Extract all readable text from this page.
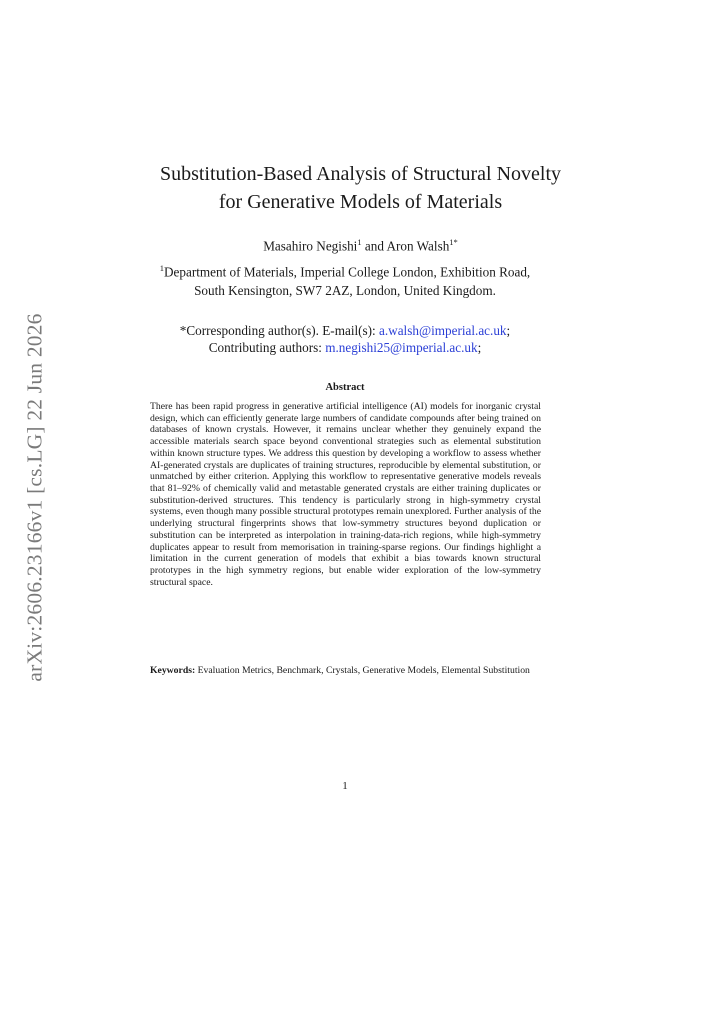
arXiv:2606.23166v1 [cs.LG] 22 Jun 2026
Substitution-Based Analysis of Structural Novelty
for Generative Models of Materials
Masahiro Negishi$^1$ and Aron Walsh$^{1*}$
$^1$Department of Materials, Imperial College London, Exhibition Road,
South Kensington, SW7 2AZ, London, United Kingdom.
*Corresponding author(s). E-mail(s): a.walsh@imperial.ac.uk;
Contributing authors: m.negishi25@imperial.ac.uk;
Abstract
There has been rapid progress in generative artificial intelligence (AI) models for inorganic crystal design, which can efficiently generate large numbers of candidate compounds after being trained on databases of known crystals. However, it remains unclear whether they genuinely expand the accessible materials search space beyond conventional strategies such as elemental substitution within known structure types. We address this question by developing a workflow to assess whether AI-generated crystals are duplicates of training structures, reproducible by elemental substitution, or unmatched by either criterion. Applying this workflow to representative generative models reveals that 81–92% of chemically valid and metastable generated crystals are either training duplicates or substitution-derived structures. This tendency is particularly strong in high-symmetry crystal systems, even though many possible structural prototypes remain unexplored. Further analysis of the underlying structural fingerprints shows that low-symmetry structures beyond duplication or substitution can be interpreted as interpolation in training-data-rich regions, while high-symmetry duplicates appear to result from memorisation in training-sparse regions. Our findings highlight a limitation in the current generation of models that exhibit a bias towards known structural prototypes in the high symmetry regions, but enable wider exploration of the low-symmetry structural space.
Keywords: Evaluation Metrics, Benchmark, Crystals, Generative Models, Elemental Substitution
1
